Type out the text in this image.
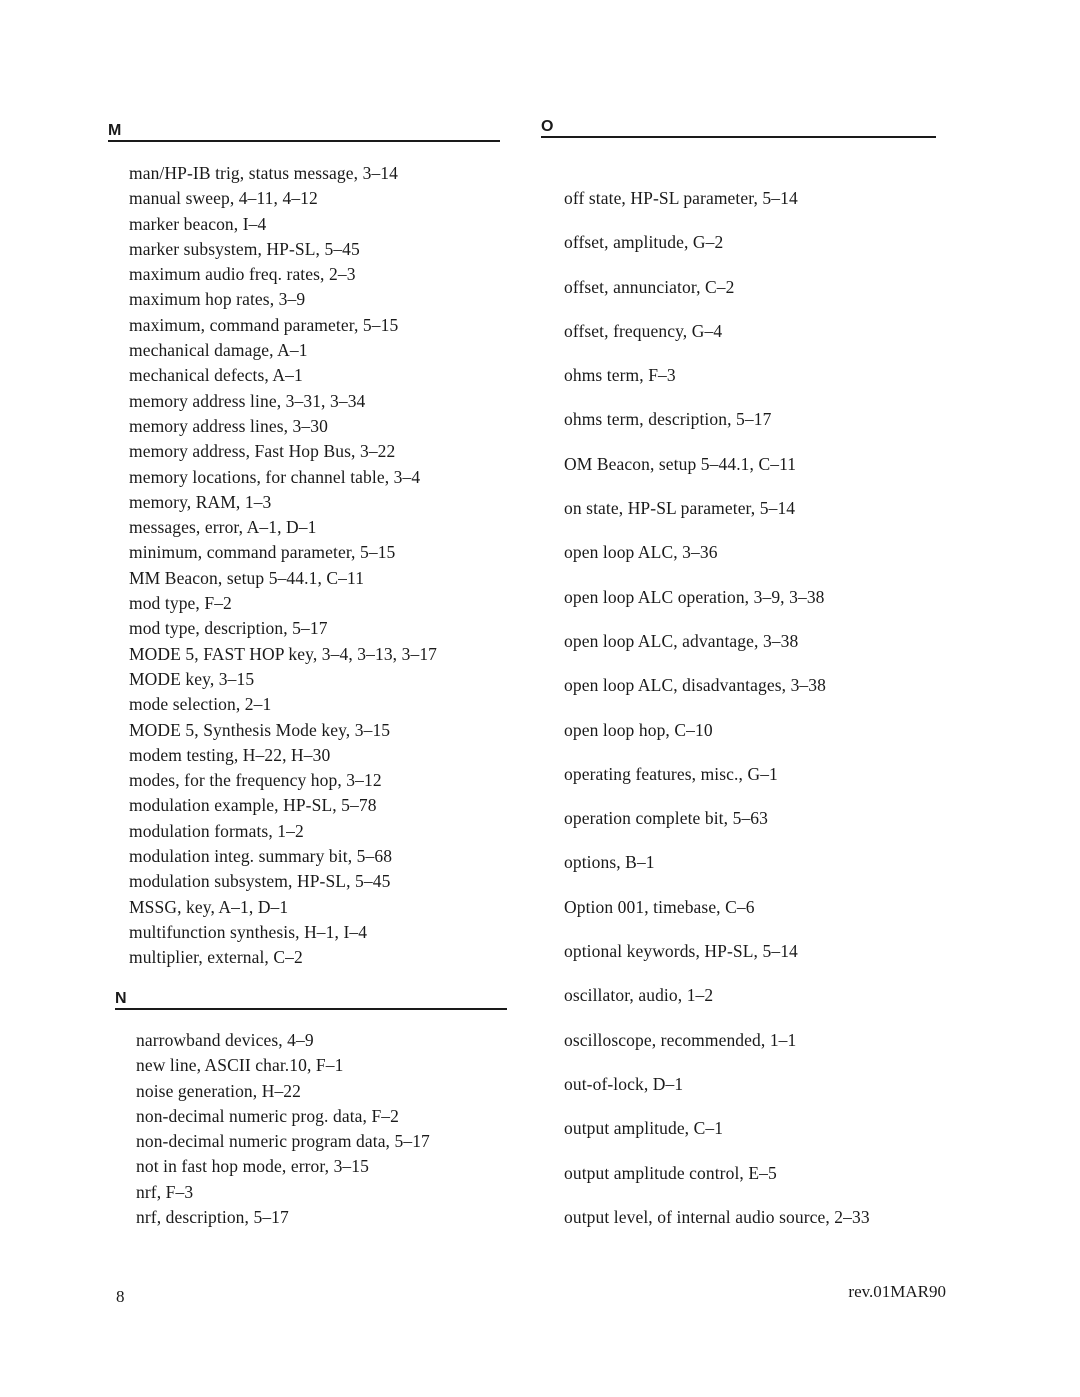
M
man/HP-IB trig, status message, 3–14
manual sweep, 4–11, 4–12
marker beacon, I–4
marker subsystem, HP-SL, 5–45
maximum audio freq. rates, 2–3
maximum hop rates, 3–9
maximum, command parameter, 5–15
mechanical damage, A–1
mechanical defects, A–1
memory address line, 3–31, 3–34
memory address lines, 3–30
memory address, Fast Hop Bus, 3–22
memory locations, for channel table, 3–4
memory, RAM, 1–3
messages, error, A–1, D–1
minimum, command parameter, 5–15
MM Beacon, setup 5–44.1, C–11
mod type, F–2
mod type, description, 5–17
MODE 5, FAST HOP key, 3–4, 3–13, 3–17
MODE key, 3–15
mode selection, 2–1
MODE 5, Synthesis Mode key, 3–15
modem testing, H–22, H–30
modes, for the frequency hop, 3–12
modulation example, HP-SL, 5–78
modulation formats, 1–2
modulation integ. summary bit, 5–68
modulation subsystem, HP-SL, 5–45
MSSG, key, A–1, D–1
multifunction synthesis, H–1, I–4
multiplier, external, C–2
N
narrowband devices, 4–9
new line, ASCII char.10, F–1
noise generation, H–22
non-decimal numeric prog. data, F–2
non-decimal numeric program data, 5–17
not in fast hop mode, error, 3–15
nrf, F–3
nrf, description, 5–17
O
off state, HP-SL parameter, 5–14
offset, amplitude, G–2
offset, annunciator, C–2
offset, frequency, G–4
ohms term, F–3
ohms term, description, 5–17
OM Beacon, setup 5–44.1, C–11
on state, HP-SL parameter, 5–14
open loop ALC, 3–36
open loop ALC operation, 3–9, 3–38
open loop ALC, advantage, 3–38
open loop ALC, disadvantages, 3–38
open loop hop, C–10
operating features, misc., G–1
operation complete bit, 5–63
options, B–1
Option 001, timebase, C–6
optional keywords, HP-SL, 5–14
oscillator, audio, 1–2
oscilloscope, recommended, 1–1
out-of-lock, D–1
output amplitude, C–1
output amplitude control, E–5
output level, of internal audio source, 2–33
8	rev.01MAR90
